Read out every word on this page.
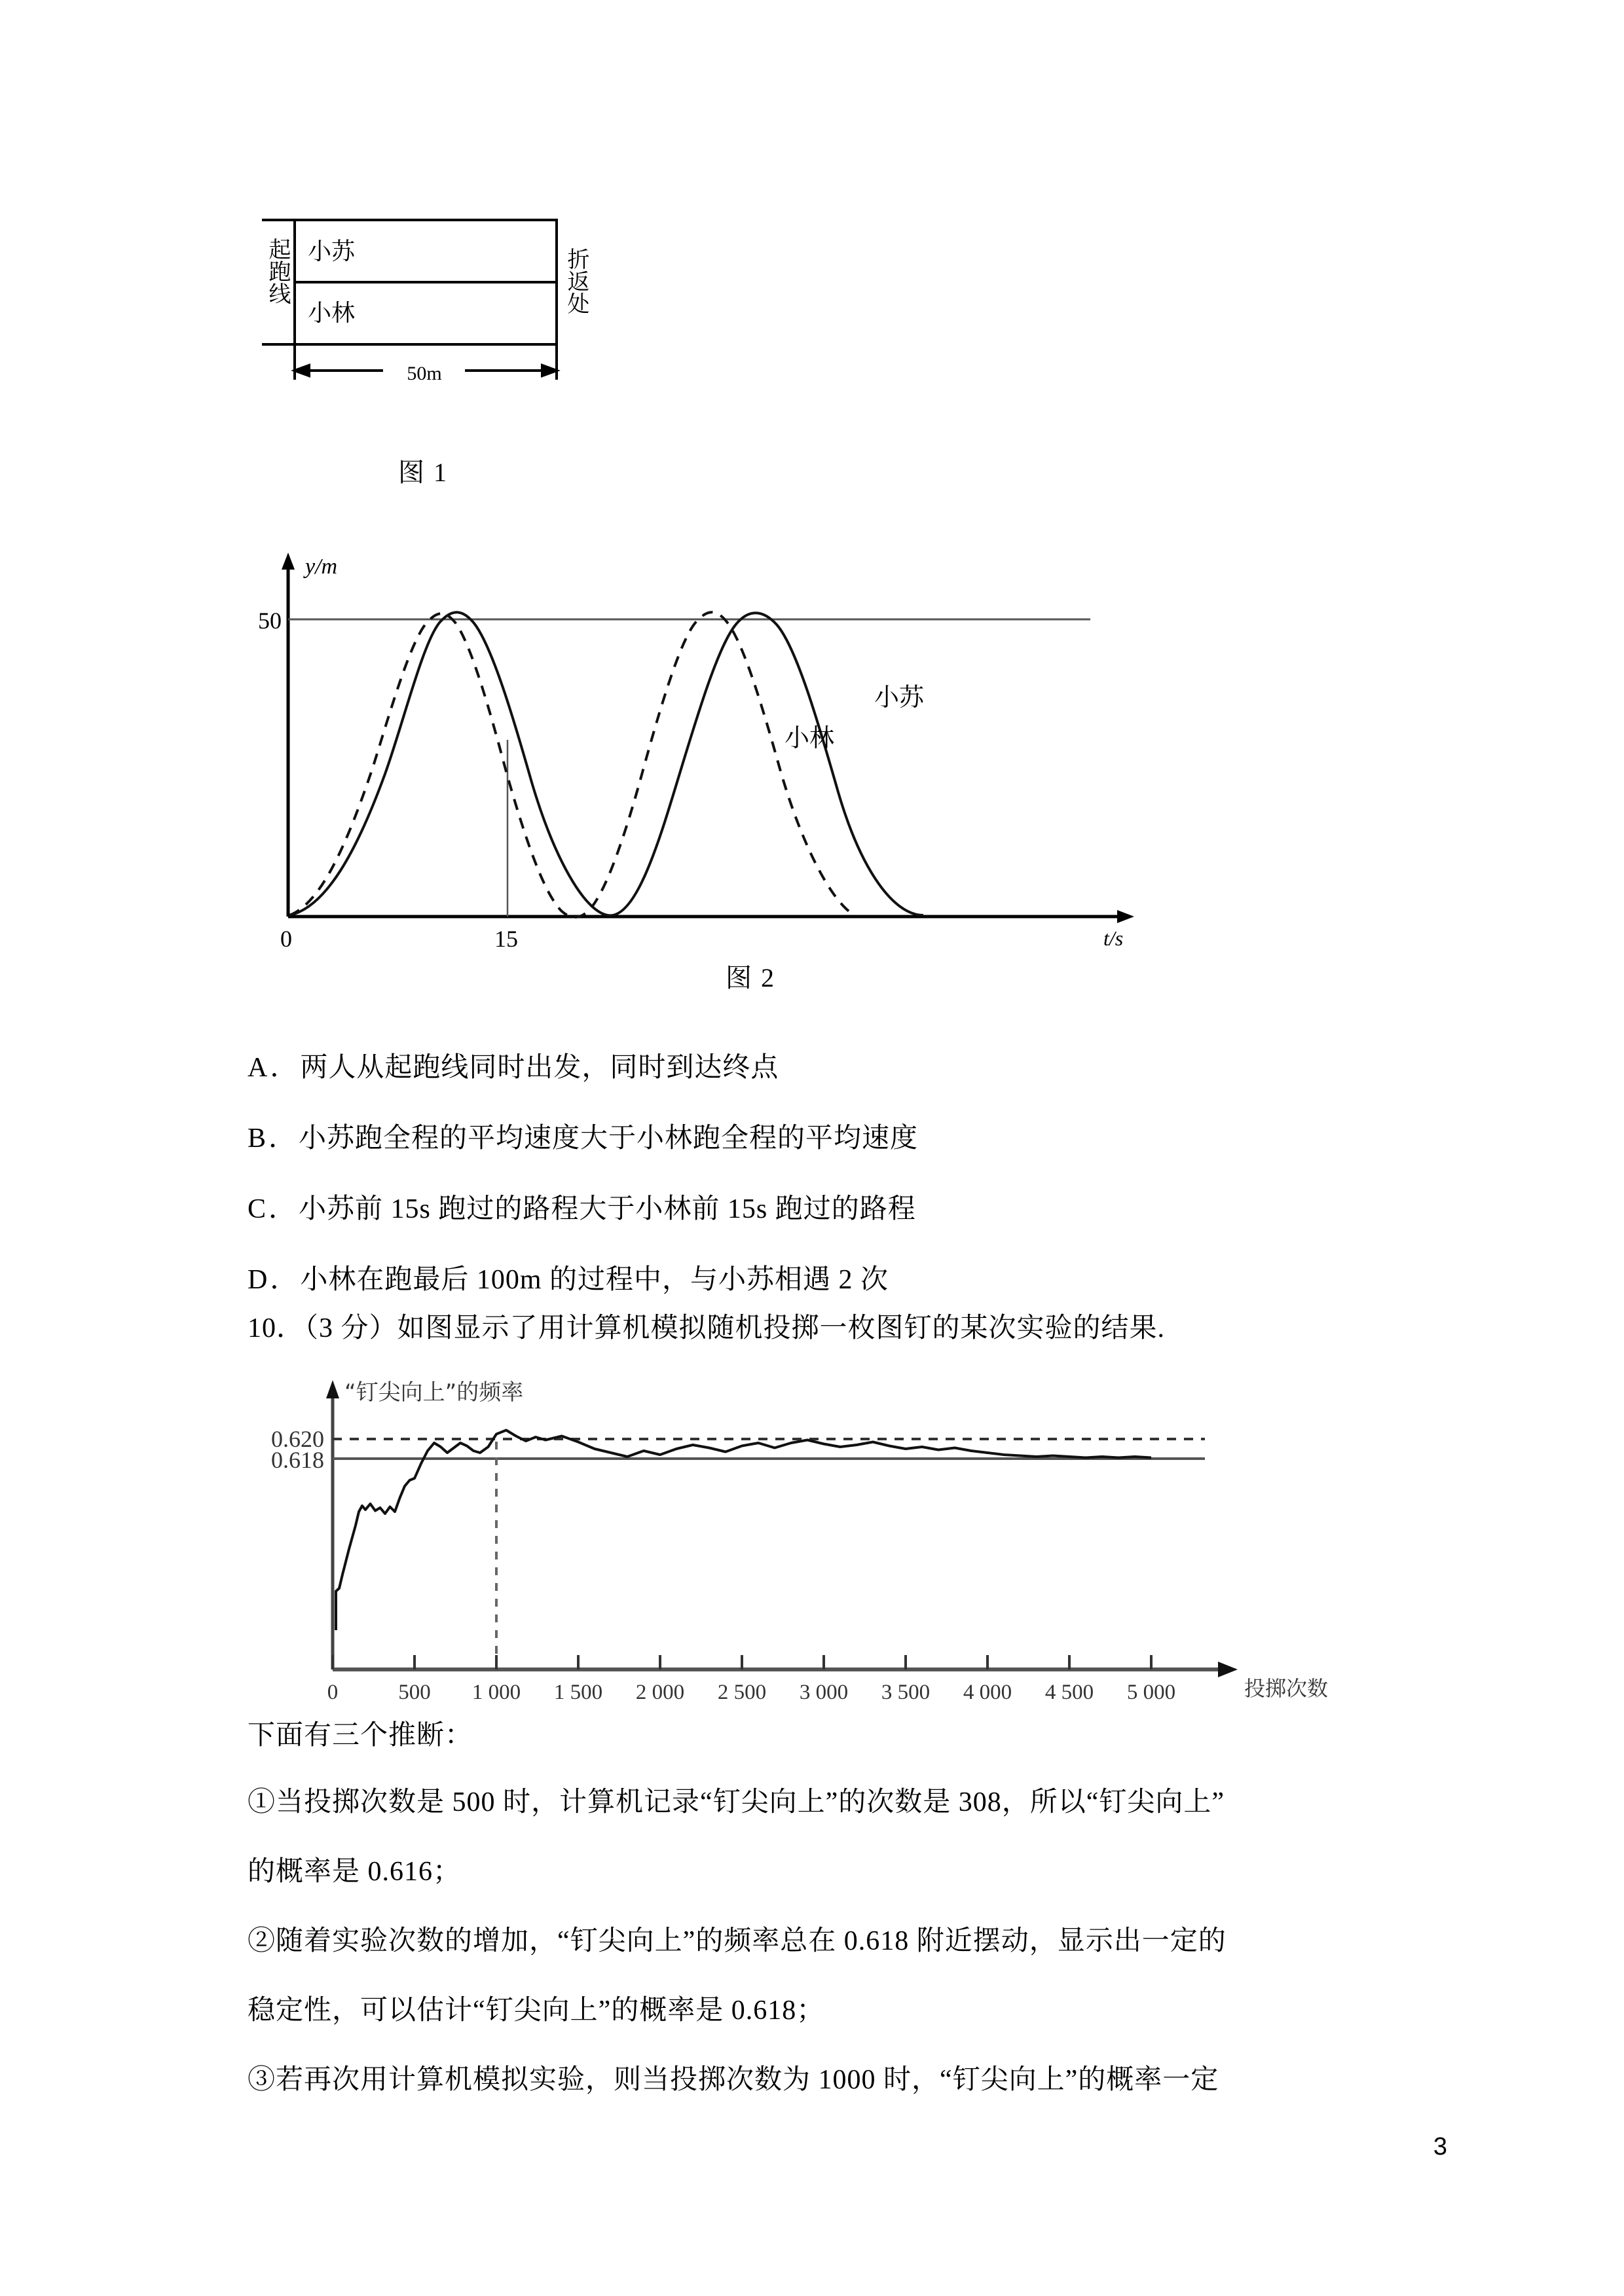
50m
小苏
小林
起跑线	折返处
图 1
y/m
t/s
50
0	15
小苏
小林
图 2
A．两人从起跑线同时出发，同时到达终点
B．小苏跑全程的平均速度大于小林跑全程的平均速度
C．小苏前 15s 跑过的路程大于小林前 15s 跑过的路程
D．小林在跑最后 100m 的过程中，与小苏相遇 2 次
10．（3 分）如图显示了用计算机模拟随机投掷一枚图钉的某次实验的结果.
“钉尖向上”的频率
投掷次数
0.620
0.618
0	500 1 000 1 500 2 000 2 500 3 000 3 500 4 000 4 500 5 000
下面有三个推断：
①当投掷次数是 500 时，计算机记录“钉尖向上”的次数是 308，所以“钉尖向上”
的概率是 0.616；
②随着实验次数的增加，“钉尖向上”的频率总在 0.618 附近摆动，显示出一定的
稳定性，可以估计“钉尖向上”的概率是 0.618；
③若再次用计算机模拟实验，则当投掷次数为 1000 时，“钉尖向上”的概率一定
3
